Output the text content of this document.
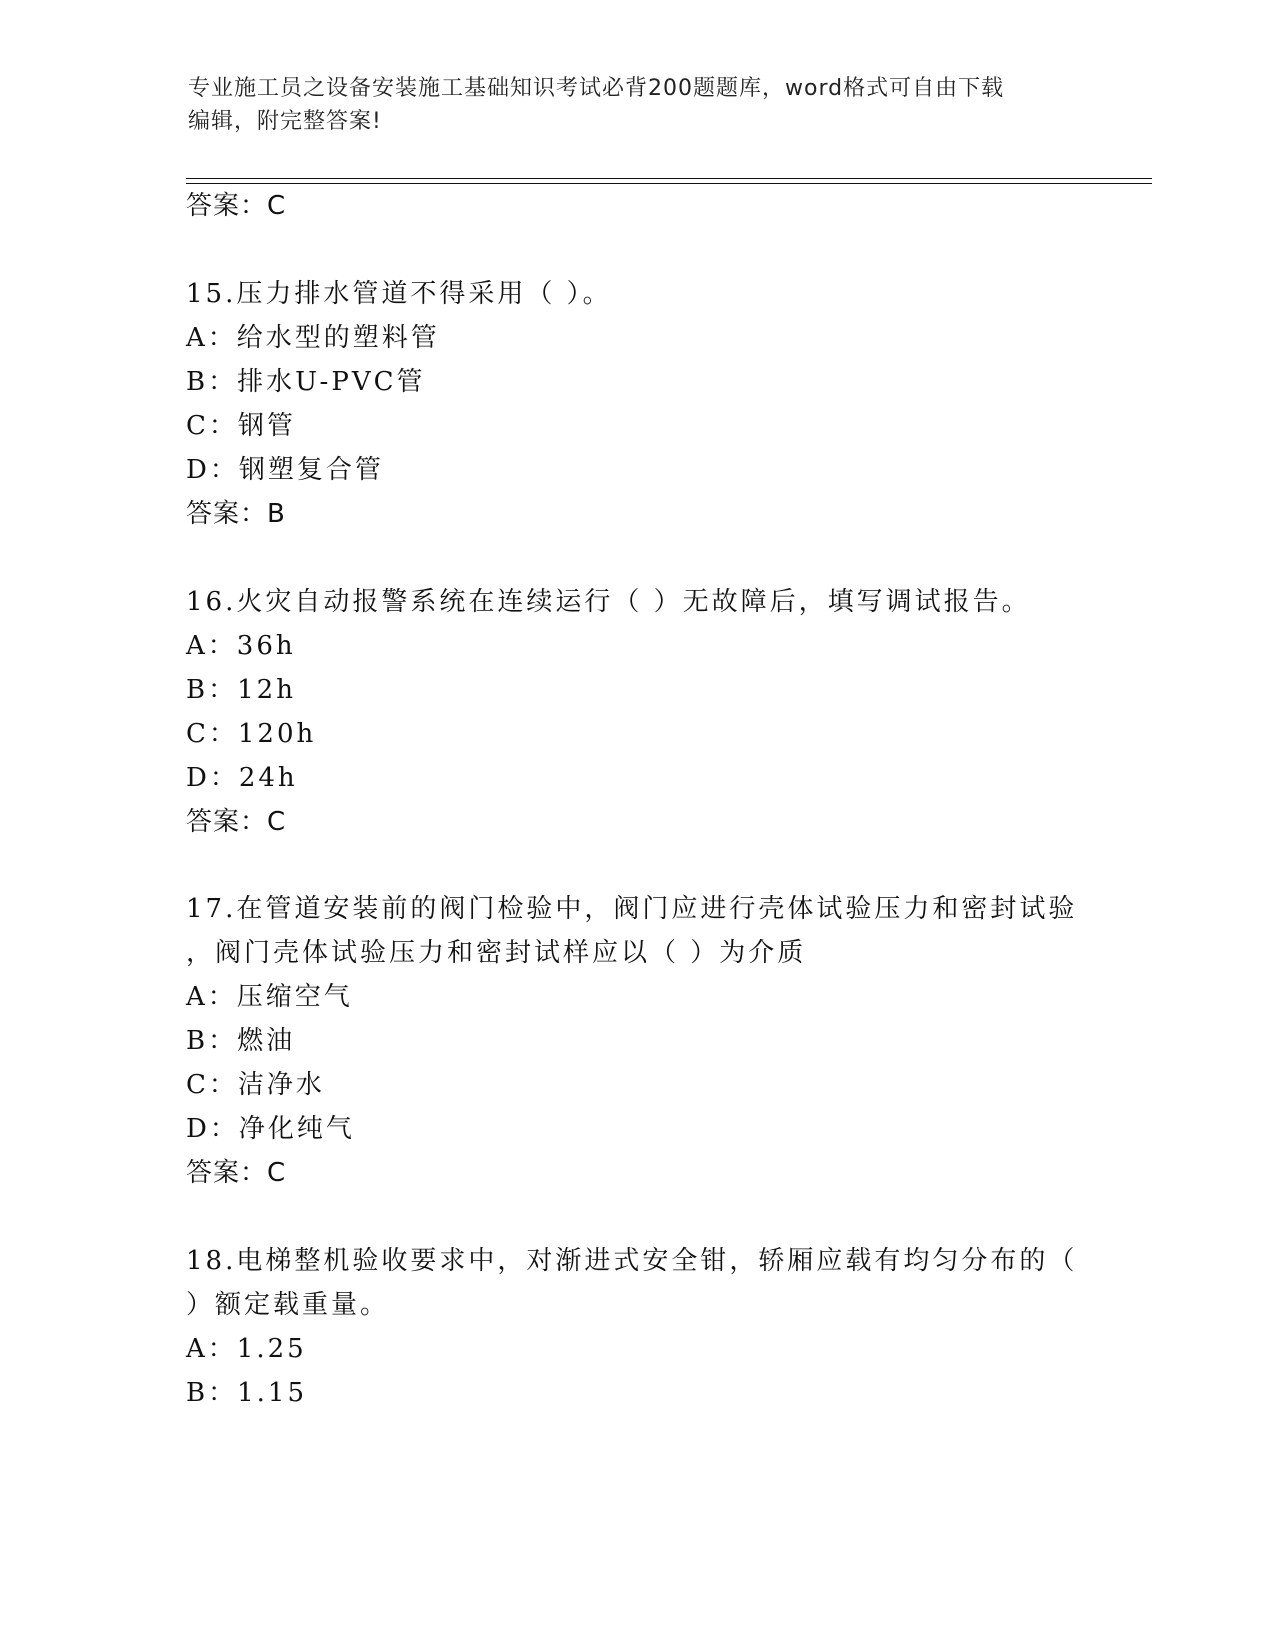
专业施工员之设备安装施工基础知识考试必背200题题库，word格式可自由下载
编辑，附完整答案!
答案：C
15.压力排水管道不得采用（ ）。
A：给水型的塑料管
B：排水U-PVC管
C：钢管
D：钢塑复合管
答案：B
16.火灾自动报警系统在连续运行（ ）无故障后，填写调试报告。
A：36h
B：12h
C：120h
D：24h
答案：C
17.在管道安装前的阀门检验中，阀门应进行壳体试验压力和密封试验
，阀门壳体试验压力和密封试样应以（ ）为介质
A：压缩空气
B：燃油
C：洁净水
D：净化纯气
答案：C
18.电梯整机验收要求中，对渐进式安全钳，轿厢应载有均匀分布的（
）额定载重量。
A：1.25
B：1.15
